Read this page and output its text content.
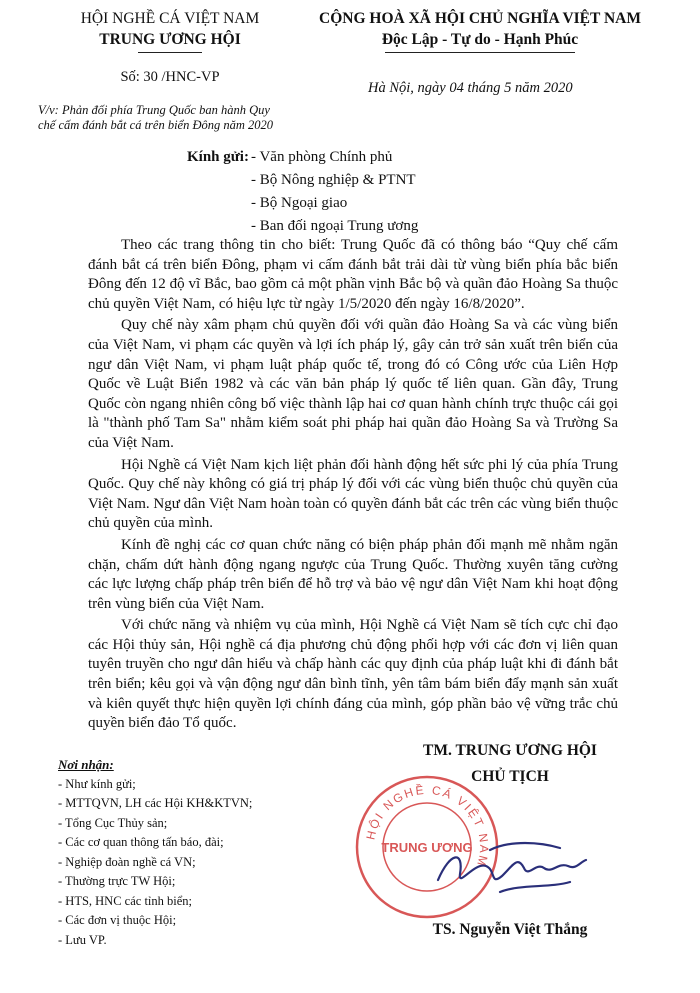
HỘI NGHỀ CÁ VIỆT NAM
TRUNG ƯƠNG HỘI
Số: 30 /HNC-VP
CỘNG HOÀ XÃ HỘI CHỦ NGHĨA VIỆT NAM
Độc Lập - Tự do - Hạnh Phúc
Hà Nội, ngày 04 tháng 5 năm 2020
V/v: Phản đối phía Trung Quốc ban hành Quy
chế cấm đánh bắt cá trên biển Đông năm 2020
Kính gửi: - Văn phòng Chính phủ
- Bộ Nông nghiệp & PTNT
- Bộ Ngoại giao
- Ban đối ngoại Trung ương

Theo các trang thông tin cho biết: Trung Quốc đã có thông báo “Quy chế cấm đánh bắt cá trên biển Đông, phạm vi cấm đánh bắt trải dài từ vùng biển phía bắc biển Đông đến 12 độ vĩ Bắc, bao gồm cả một phần vịnh Bắc bộ và quần đảo Hoàng Sa thuộc chủ quyền Việt Nam, có hiệu lực từ ngày 1/5/2020 đến ngày 16/8/2020”.

Quy chế này xâm phạm chủ quyền đối với quần đảo Hoàng Sa và các vùng biển của Việt Nam, vi phạm các quyền và lợi ích pháp lý, gây cản trở sản xuất trên biển của ngư dân Việt Nam, vi phạm luật pháp quốc tế, trong đó có Công ước của Liên Hợp Quốc về Luật Biển 1982 và các văn bản pháp lý quốc tế liên quan. Gần đây, Trung Quốc còn ngang nhiên công bố việc thành lập hai cơ quan hành chính trực thuộc cái gọi là "thành phố Tam Sa" nhằm kiểm soát phi pháp hai quần đảo Hoàng Sa và Trường Sa của Việt Nam.

Hội Nghề cá Việt Nam kịch liệt phản đối hành động hết sức phi lý của phía Trung Quốc. Quy chế này không có giá trị pháp lý đối với các vùng biển thuộc chủ quyền của Việt Nam. Ngư dân Việt Nam hoàn toàn có quyền đánh bắt các trên các vùng biển thuộc chủ quyền của mình.

Kính đề nghị các cơ quan chức năng có biện pháp phản đối mạnh mẽ nhằm ngăn chặn, chấm dứt hành động ngang ngược của Trung Quốc. Thường xuyên tăng cường các lực lượng chấp pháp trên biển để hỗ trợ và bảo vệ ngư dân Việt Nam khi hoạt động trên vùng biển của Việt Nam.

Với chức năng và nhiệm vụ của mình, Hội Nghề cá Việt Nam sẽ tích cực chỉ đạo các Hội thủy sản, Hội nghề cá địa phương chủ động phối hợp với các đơn vị liên quan tuyên truyền cho ngư dân hiểu và chấp hành các quy định của pháp luật khi đi đánh bắt trên biển; kêu gọi và vận động ngư dân bình tĩnh, yên tâm bám biển đẩy mạnh sản xuất và kiên quyết thực hiện quyền lợi chính đáng của mình, góp phần bảo vệ vững trắc chủ quyền biển đảo Tổ quốc.

Nơi nhận:
- Như kính gửi;
- MTTQVN, LH các Hội KH&KTVN;
- Tổng Cục Thủy sản;
- Các cơ quan thông tấn báo, đài;
- Nghiệp đoàn nghề cá VN;
- Thường trực TW Hội;
- HTS, HNC các tỉnh biển;
- Các đơn vị thuộc Hội;
- Lưu VP.
TM. TRUNG ƯƠNG HỘI
CHỦ TỊCH
HỘI NGHỀ CÁ VIỆT NAM
TRUNG ƯƠNG
TS. Nguyễn Việt Thắng
